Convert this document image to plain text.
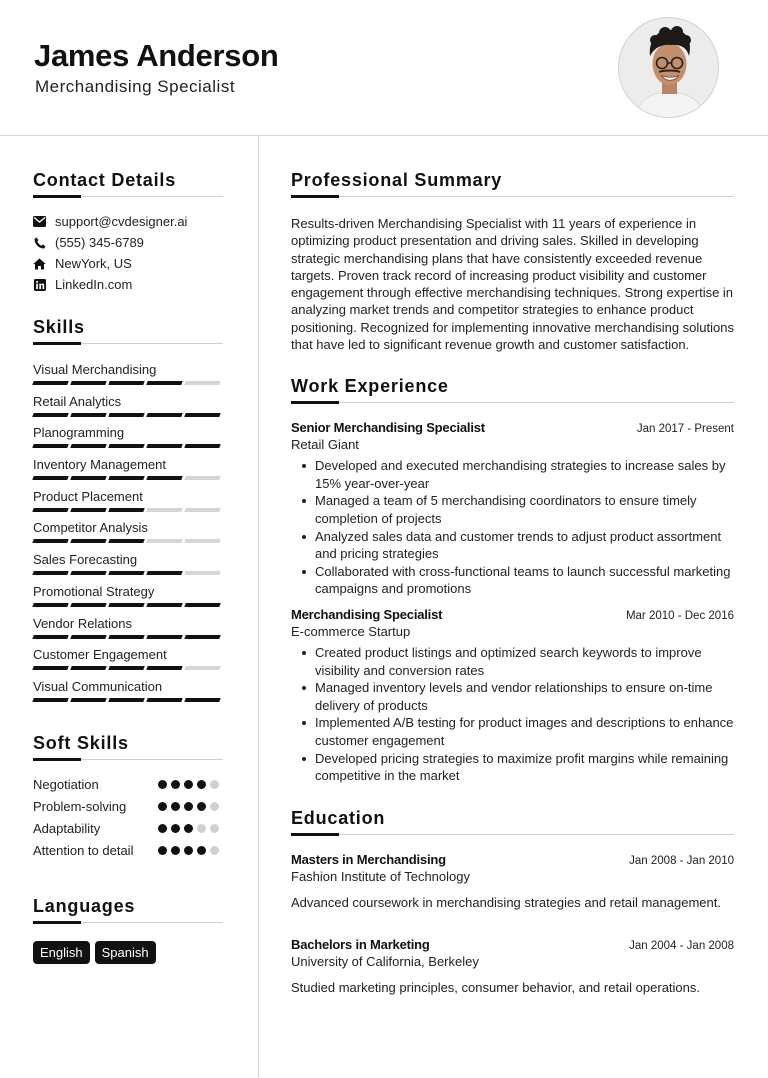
James Anderson
Merchandising Specialist
Contact Details
support@cvdesigner.ai
(555) 345-6789
NewYork, US
LinkedIn.com
Skills
Visual Merchandising
Retail Analytics
Planogramming
Inventory Management
Product Placement
Competitor Analysis
Sales Forecasting
Promotional Strategy
Vendor Relations
Customer Engagement
Visual Communication
Soft Skills
Negotiation
Problem-solving
Adaptability
Attention to detail
Languages
English	Spanish
Professional Summary

Results-driven Merchandising Specialist with 11 years of experience in optimizing product presentation and driving sales. Skilled in developing strategic merchandising plans that have consistently exceeded revenue targets. Proven track record of increasing product visibility and customer engagement through effective merchandising techniques. Strong expertise in analyzing market trends and competitor strategies to enhance product positioning. Recognized for implementing innovative merchandising solutions that have led to significant revenue growth and customer satisfaction.

Work Experience
Senior Merchandising Specialist	Jan 2017 - Present
Retail Giant
Developed and executed merchandising strategies to increase sales by 15% year-over-year
Managed a team of 5 merchandising coordinators to ensure timely completion of projects
Analyzed sales data and customer trends to adjust product assortment and pricing strategies
Collaborated with cross-functional teams to launch successful marketing campaigns and promotions
Merchandising Specialist	Mar 2010 - Dec 2016
E-commerce Startup
Created product listings and optimized search keywords to improve visibility and conversion rates
Managed inventory levels and vendor relationships to ensure on-time delivery of products
Implemented A/B testing for product images and descriptions to enhance customer engagement
Developed pricing strategies to maximize profit margins while remaining competitive in the market
Education
Masters in Merchandising	Jan 2008 - Jan 2010
Fashion Institute of Technology
Advanced coursework in merchandising strategies and retail management.
Bachelors in Marketing	Jan 2004 - Jan 2008
University of California, Berkeley
Studied marketing principles, consumer behavior, and retail operations.
